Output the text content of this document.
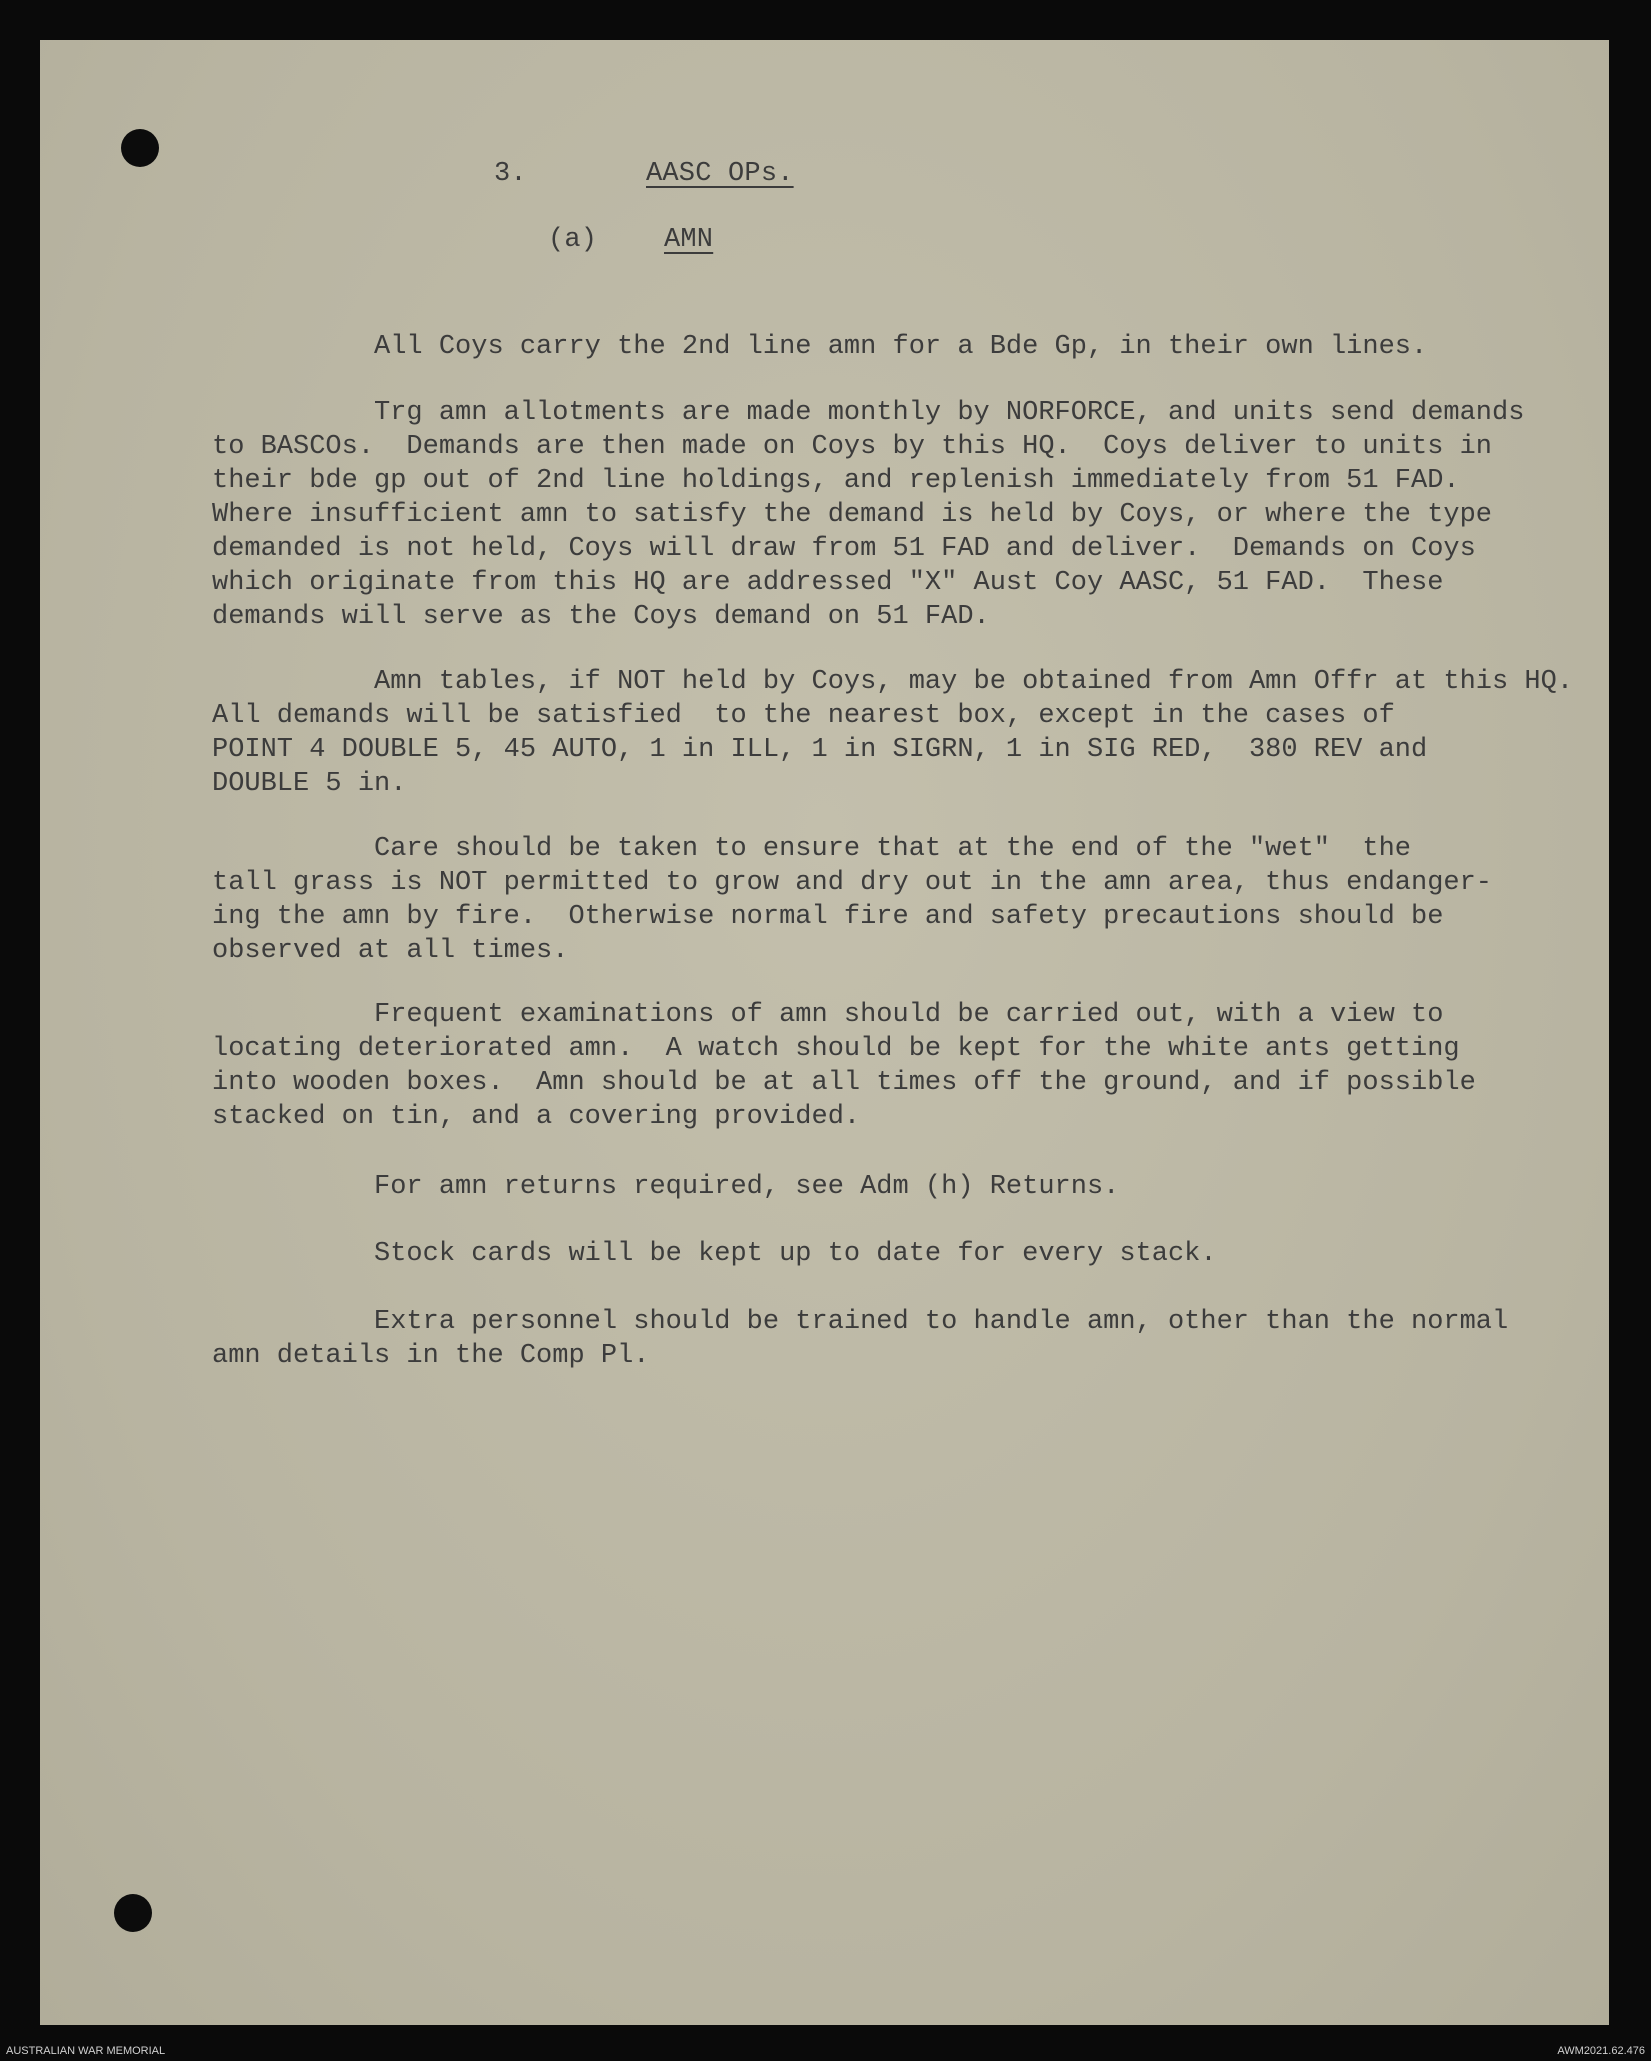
3.	AASC OPs.
(a) AMN
All Coys carry the 2nd line amn for a Bde Gp, in their own lines.
Trg amn allotments are made monthly by NORFORCE, and units send demands
to BASCOs.  Demands are then made on Coys by this HQ.  Coys deliver to units in
their bde gp out of 2nd line holdings, and replenish immediately from 51 FAD.
Where insufficient amn to satisfy the demand is held by Coys, or where the type
demanded is not held, Coys will draw from 51 FAD and deliver.  Demands on Coys
which originate from this HQ are addressed "X" Aust Coy AASC, 51 FAD.  These
demands will serve as the Coys demand on 51 FAD.
Amn tables, if NOT held by Coys, may be obtained from Amn Offr at this HQ.
All demands will be satisfied  to the nearest box, except in the cases of
POINT 4 DOUBLE 5, 45 AUTO, 1 in ILL, 1 in SIGRN, 1 in SIG RED,  380 REV and
DOUBLE 5 in.
Care should be taken to ensure that at the end of the "wet"  the
tall grass is NOT permitted to grow and dry out in the amn area, thus endanger-
ing the amn by fire.  Otherwise normal fire and safety precautions should be
observed at all times.
Frequent examinations of amn should be carried out, with a view to
locating deteriorated amn.  A watch should be kept for the white ants getting
into wooden boxes.  Amn should be at all times off the ground, and if possible
stacked on tin, and a covering provided.
For amn returns required, see Adm (h) Returns.
Stock cards will be kept up to date for every stack.
Extra personnel should be trained to handle amn, other than the normal
amn details in the Comp Pl.
AUSTRALIAN WAR MEMORIAL	AWM2021.62.476
